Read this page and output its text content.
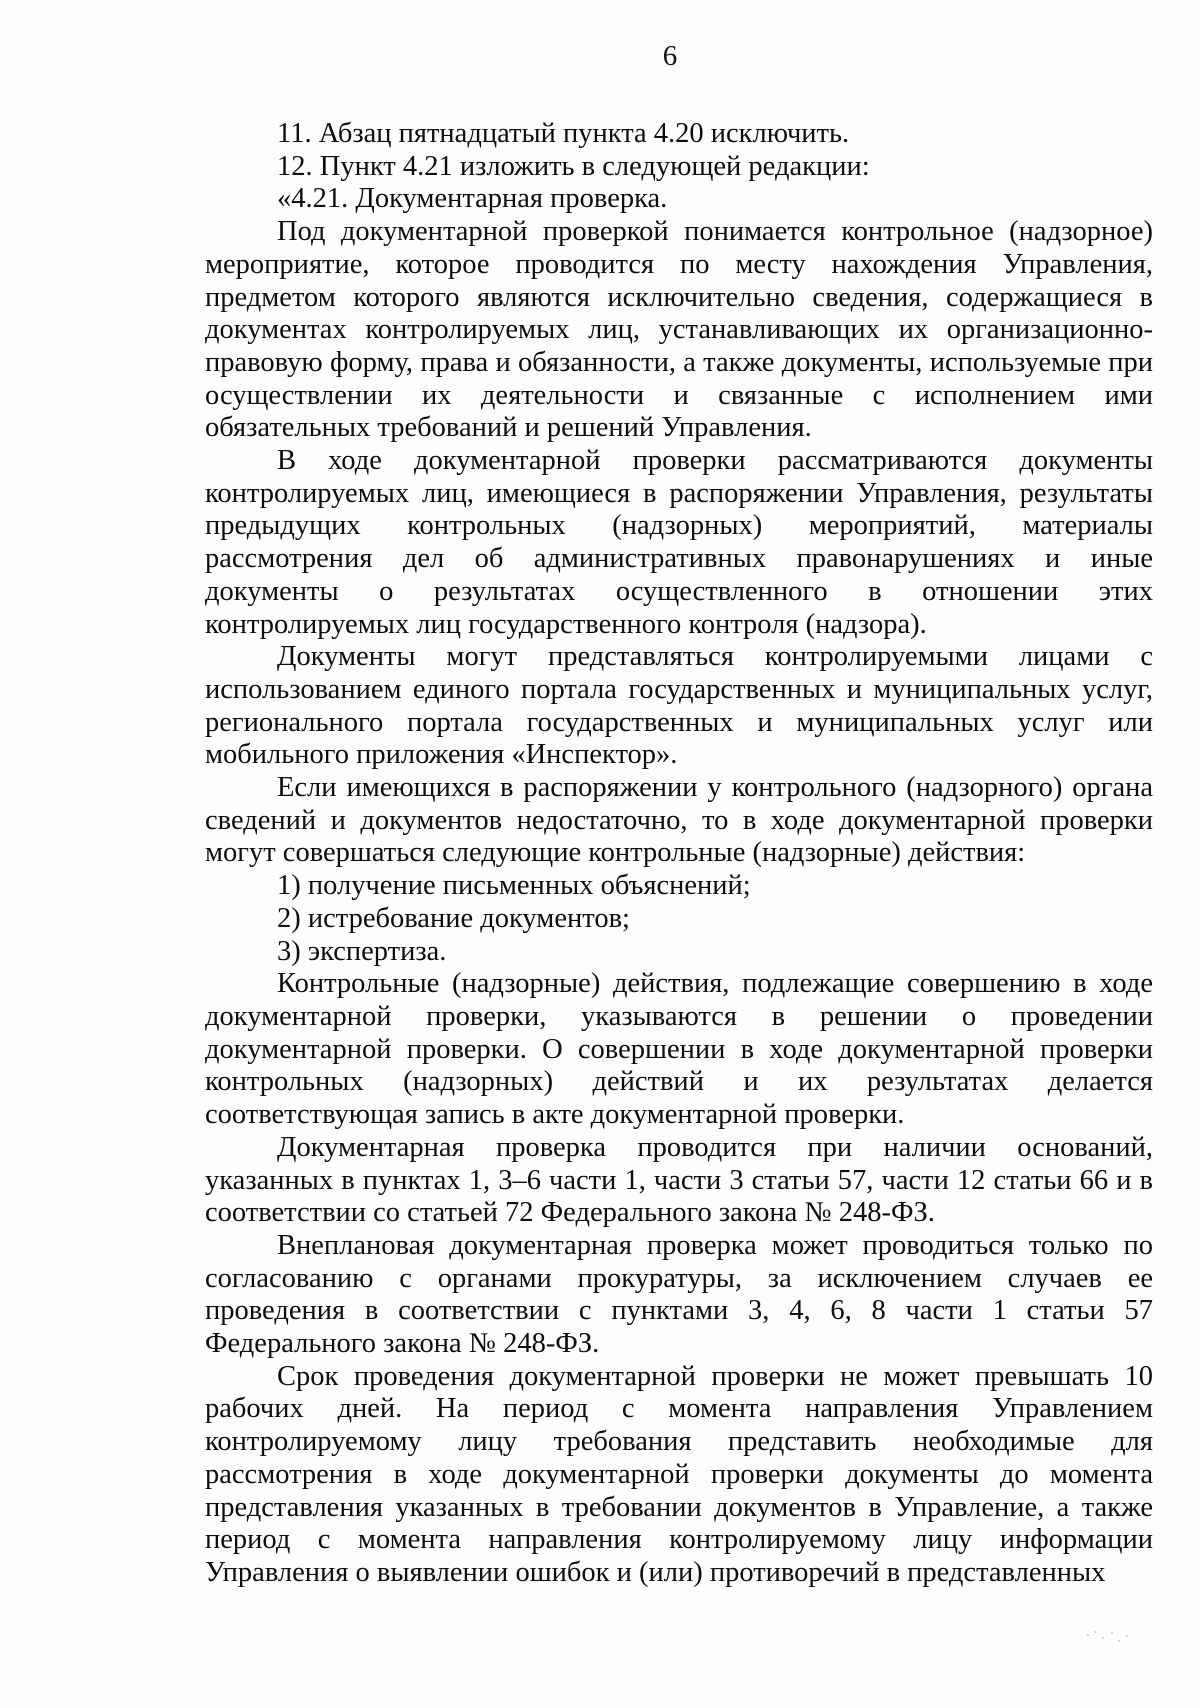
6

11. Абзац пятнадцатый пункта 4.20 исключить.

12. Пункт 4.21 изложить в следующей редакции:

«4.21. Документарная проверка.

Под документарной проверкой понимается контрольное (надзорное) мероприятие, которое проводится по месту нахождения Управления, предметом которого являются исключительно сведения, содержащиеся в документах контролируемых лиц, устанавливающих их организационно-правовую форму, права и обязанности, а также документы, используемые при осуществлении их деятельности и связанные с исполнением ими обязательных требований и решений Управления.

В ходе документарной проверки рассматриваются документы контролируемых лиц, имеющиеся в распоряжении Управления, результаты предыдущих контрольных (надзорных) мероприятий, материалы рассмотрения дел об административных правонарушениях и иные документы о результатах осуществленного в отношении этих контролируемых лиц государственного контроля (надзора).

Документы могут представляться контролируемыми лицами с использованием единого портала государственных и муниципальных услуг, регионального портала государственных и муниципальных услуг или мобильного приложения «Инспектор».

Если имеющихся в распоряжении у контрольного (надзорного) органа сведений и документов недостаточно, то в ходе документарной проверки могут совершаться следующие контрольные (надзорные) действия:

1) получение письменных объяснений;

2) истребование документов;

3) экспертиза.

Контрольные (надзорные) действия, подлежащие совершению в ходе документарной проверки, указываются в решении о проведении документарной проверки. О совершении в ходе документарной проверки контрольных (надзорных) действий и их результатах делается соответствующая запись в акте документарной проверки.

Документарная проверка проводится при наличии оснований, указанных в пунктах 1, 3–6 части 1, части 3 статьи 57, части 12 статьи 66 и в соответствии со статьей 72 Федерального закона № 248-ФЗ.

Внеплановая документарная проверка может проводиться только по согласованию с органами прокуратуры, за исключением случаев ее проведения в соответствии с пунктами 3, 4, 6, 8 части 1 статьи 57 Федерального закона № 248-ФЗ.

Срок проведения документарной проверки не может превышать 10 рабочих дней. На период с момента направления Управлением контролируемому лицу требования представить необходимые для рассмотрения в ходе документарной проверки документы до момента представления указанных в требовании документов в Управление, а также период с момента направления контролируемому лицу информации Управления о выявлении ошибок и (или) противоречий в представленных
